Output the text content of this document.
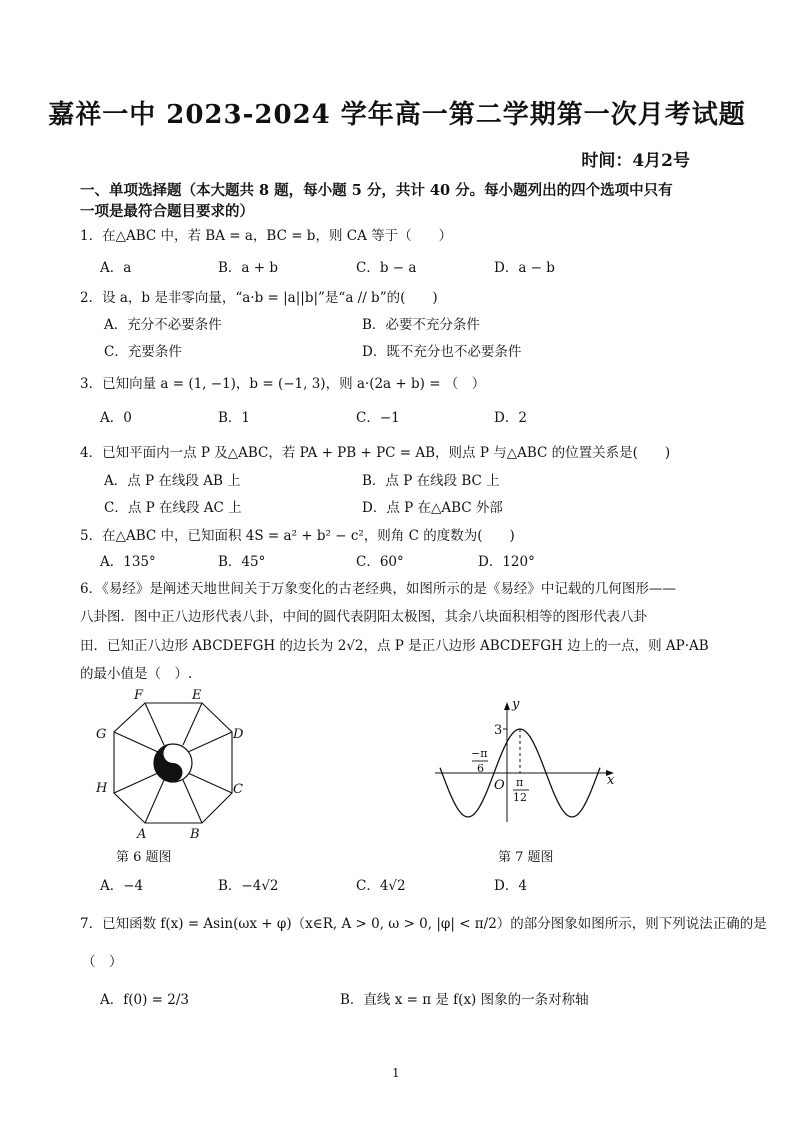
嘉祥一中 2023-2024 学年高一第二学期第一次月考试题
时间：4月2号
一、单项选择题（本大题共 8 题，每小题 5 分，共计 40 分。每小题列出的四个选项中只有
一项是最符合题目要求的）
1．在△ABC 中，若 BA = a，BC = b，则 CA 等于（　　）
A．a	B．a + b	C．b − a	D．a − b
2．设 a，b 是非零向量，“a·b = |a||b|”是“a // b”的(　　)
A．充分不必要条件	B．必要不充分条件
C．充要条件	D．既不充分也不必要条件
3．已知向量 a = (1, −1)，b = (−1, 3)，则 a·(2a + b) = （　）
A．0	B．1	C．−1	D．2
4．已知平面内一点 P 及△ABC，若 PA + PB + PC = AB，则点 P 与△ABC 的位置关系是(　　)
A．点 P 在线段 AB 上	B．点 P 在线段 BC 上
C．点 P 在线段 AC 上	D．点 P 在△ABC 外部
5．在△ABC 中，已知面积 4S = a² + b² − c²，则角 C 的度数为(　　)
A．135°	B．45°	C．60°	D．120°
6．《易经》是阐述天地世间关于万象变化的古老经典，如图所示的是《易经》中记载的几何图形——
八卦图．图中正八边形代表八卦，中间的圆代表阴阳太极图，其余八块面积相等的图形代表八卦
田．已知正八边形 ABCDEFGH 的边长为 2√2，点 P 是正八边形 ABCDEFGH 边上的一点，则 AP·AB
的最小值是（　）.
A	B
C
D
E
F
G
H
第 6 题图
y
x
O
3
−π
6
π
12
第 7 题图
A．−4	B．−4√2	C．4√2	D．4
7．已知函数 f(x) = Asin(ωx + φ)（x∈R, A > 0, ω > 0, |φ| < π/2）的部分图象如图所示，则下列说法正确的是
（　）
A．f(0) = 2/3	B．直线 x = π 是 f(x) 图象的一条对称轴
1
